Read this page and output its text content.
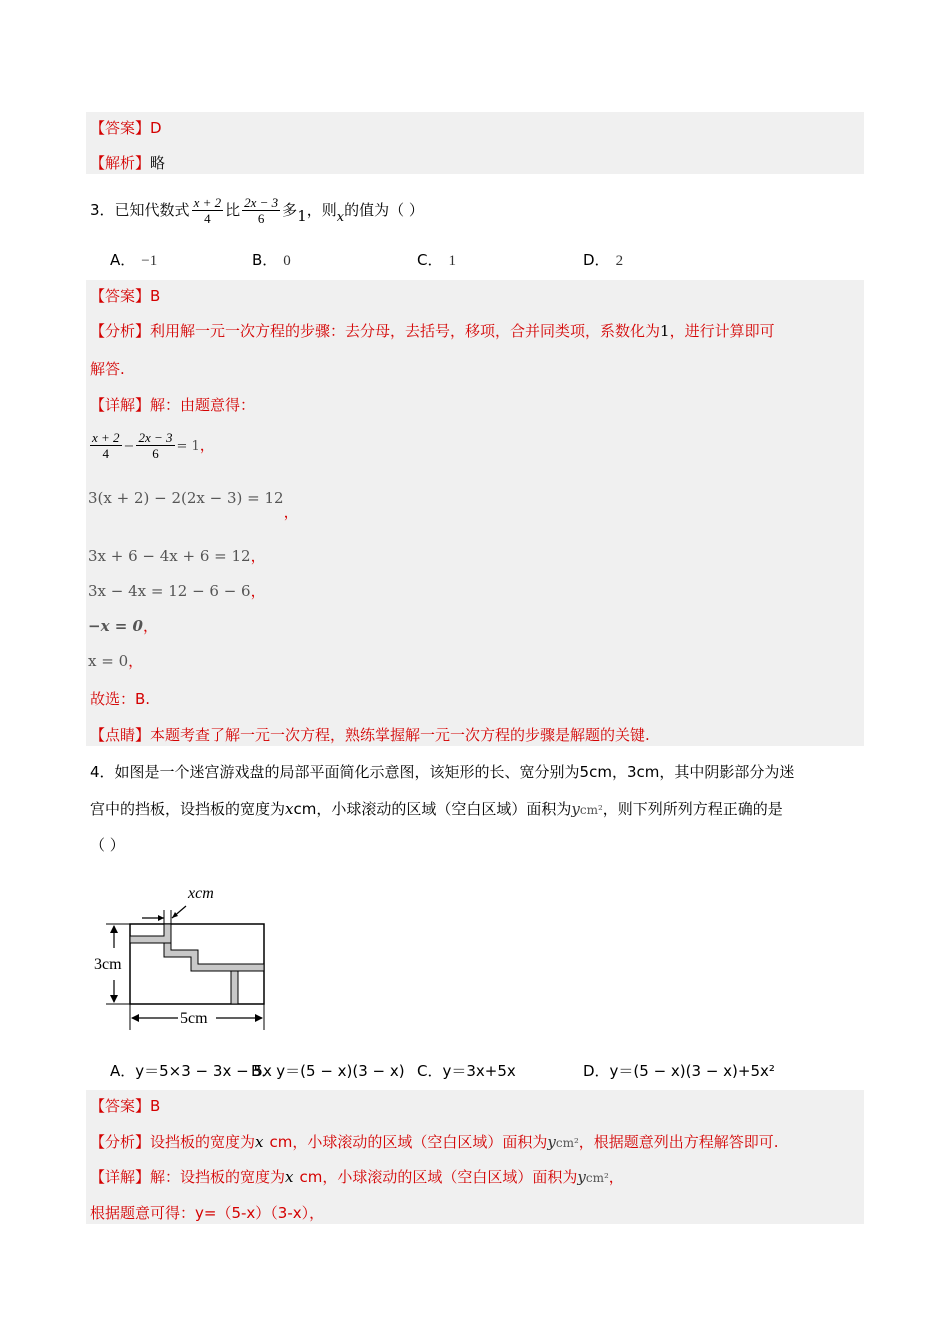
【答案】D
【解析】略
3．已知代数式 $\frac{x + 2}{4}$ 比 $\frac{2x - 3}{6}$ 多1，则x的值为（ ）
A． −1	B． 0	C． 1	D． 2
【答案】B
【分析】利用解一元一次方程的步骤：去分母，去括号，移项，合并同类项，系数化为1，进行计算即可
解答.
【详解】解：由题意得：
$\frac{x + 2}{4} - \frac{2x - 3}{6} = 1$，
3(x + 2) − 2(2x − 3) = 12，
3x + 6 − 4x + 6 = 12，
3x − 4x = 12 − 6 − 6，
−x = 0，
x = 0，
故选：B.
【点睛】本题考查了解一元一次方程，熟练掌握解一元一次方程的步骤是解题的关键.
4．如图是一个迷宫游戏盘的局部平面简化示意图，该矩形的长、宽分别为5cm，3cm，其中阴影部分为迷
宫中的挡板，设挡板的宽度为xcm，小球滚动的区域（空白区域）面积为ycm²，则下列所列方程正确的是
（ ）
xcm
3cm
5cm
A．y＝5×3 − 3x − 5x
B．y＝(5 − x)(3 − x) C．y＝3x+5x	D．y＝(5 − x)(3 − x)+5x²
【答案】B
【分析】设挡板的宽度为x cm，小球滚动的区域（空白区域）面积为ycm²，根据题意列出方程解答即可.
【详解】解：设挡板的宽度为x cm，小球滚动的区域（空白区域）面积为ycm²，
根据题意可得：y=（5-x）（3-x），
